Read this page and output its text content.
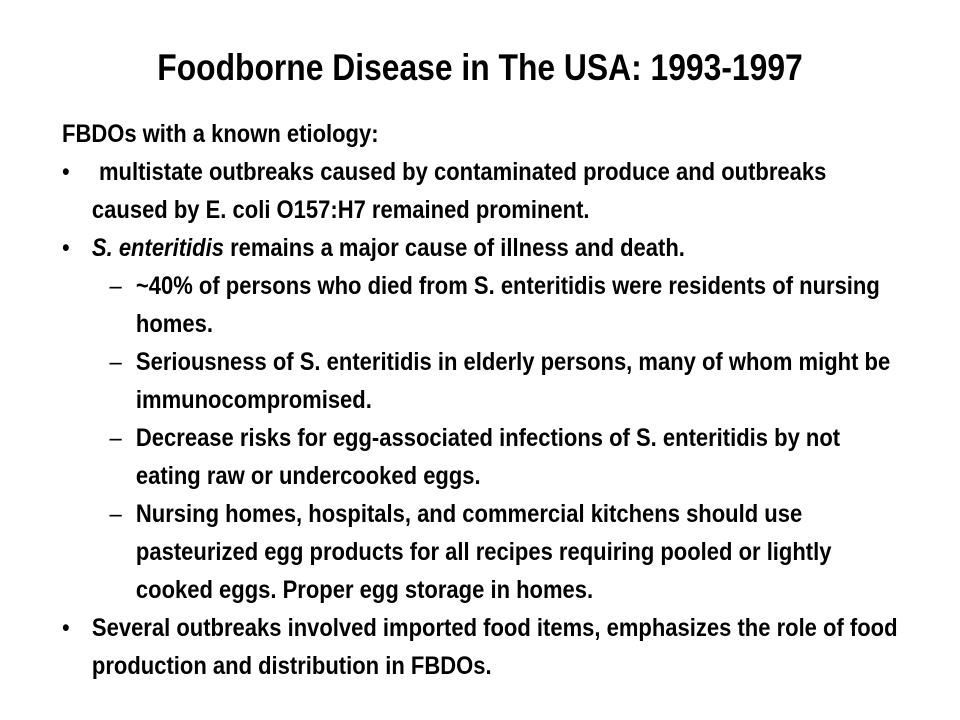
Foodborne Disease in The USA: 1993-1997
FBDOs with a known etiology:
• multistate outbreaks caused by contaminated produce and outbreaks caused by E. coli O157:H7 remained prominent.
• S. enteritidis remains a major cause of illness and death.
– ~40% of persons who died from S. enteritidis were residents of nursing homes.
– Seriousness of S. enteritidis in elderly persons, many of whom might be immunocompromised.
– Decrease risks for egg-associated infections of S. enteritidis by not eating raw or undercooked eggs.
– Nursing homes, hospitals, and commercial kitchens should use pasteurized egg products for all recipes requiring pooled or lightly cooked eggs. Proper egg storage in homes.
• Several outbreaks involved imported food items, emphasizes the role of food production and distribution in FBDOs.
